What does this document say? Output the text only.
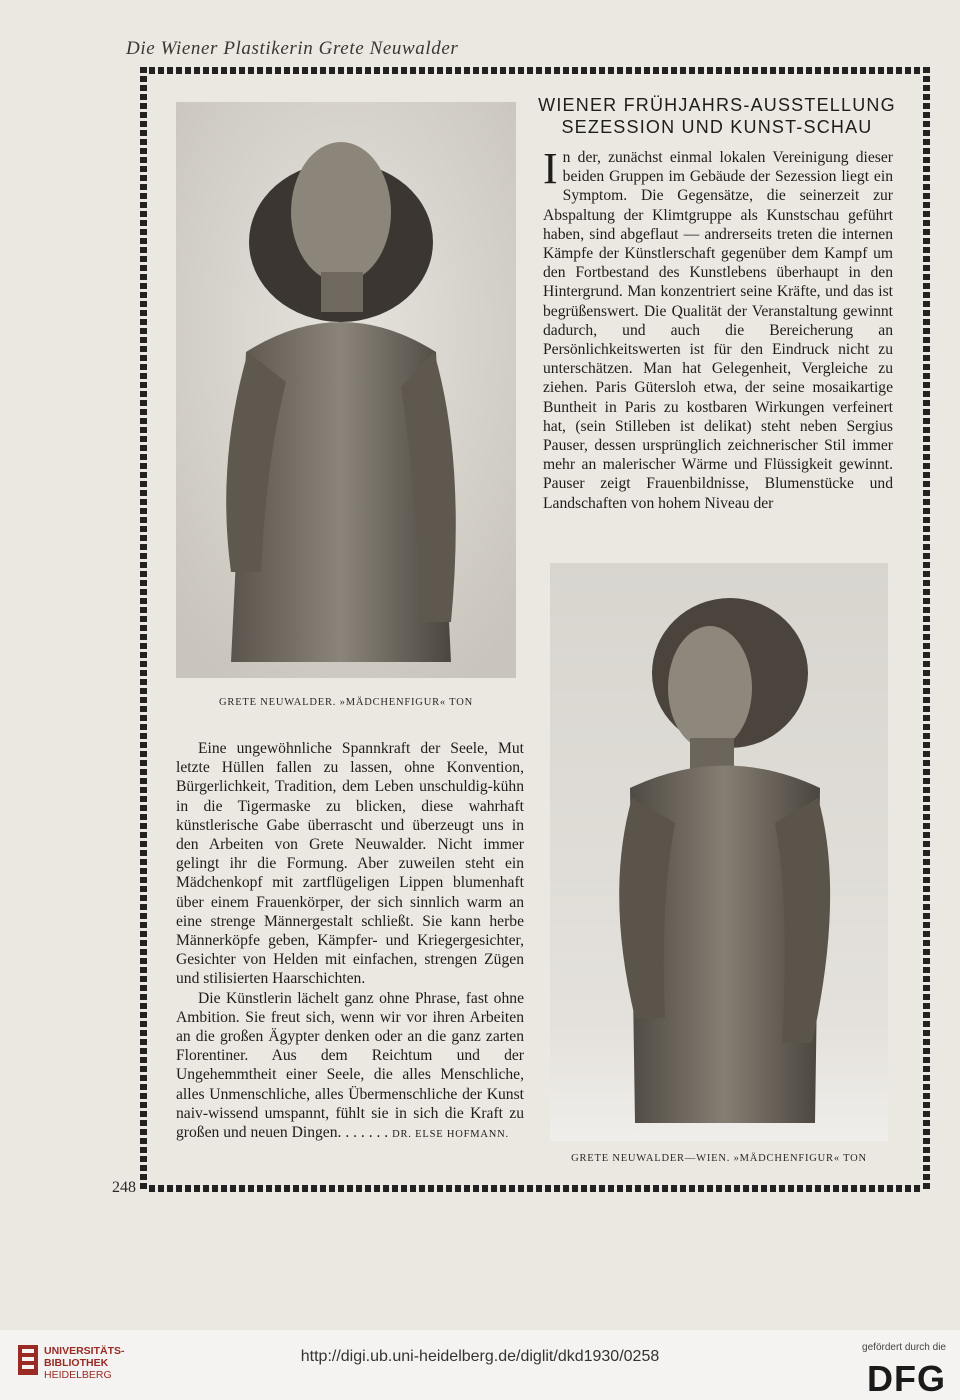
Die Wiener Plastikerin Grete Neuwalder
GRETE NEUWALDER. »MÄDCHENFIGUR« TON
WIENER FRÜHJAHRS-AUSSTELLUNG
SEZESSION UND KUNST-SCHAU

In der, zunächst einmal lokalen Vereinigung dieser beiden Gruppen im Gebäude der Sezession liegt ein Symptom. Die Gegensätze, die seinerzeit zur Abspaltung der Klimtgruppe als Kunstschau geführt haben, sind abgeflaut — andrerseits treten die internen Kämpfe der Künstlerschaft gegenüber dem Kampf um den Fortbestand des Kunstlebens überhaupt in den Hintergrund. Man konzentriert seine Kräfte, und das ist begrüßenswert. Die Qualität der Veranstaltung gewinnt dadurch, und auch die Bereicherung an Persönlichkeitswerten ist für den Eindruck nicht zu unterschätzen. Man hat Gelegenheit, Vergleiche zu ziehen. Paris Gütersloh etwa, der seine mosaikartige Buntheit in Paris zu kostbaren Wirkungen verfeinert hat, (sein Stilleben ist delikat) steht neben Sergius Pauser, dessen ursprünglich zeichnerischer Stil immer mehr an malerischer Wärme und Flüssigkeit gewinnt. Pauser zeigt Frauenbildnisse, Blumenstücke und Landschaften von hohem Niveau der

GRETE NEUWALDER—WIEN. »MÄDCHENFIGUR« TON

Eine ungewöhnliche Spannkraft der Seele, Mut letzte Hüllen fallen zu lassen, ohne Konvention, Bürgerlichkeit, Tradition, dem Leben unschuldig-kühn in die Tigermaske zu blicken, diese wahrhaft künstlerische Gabe überrascht und überzeugt uns in den Arbeiten von Grete Neuwalder. Nicht immer gelingt ihr die Formung. Aber zuweilen steht ein Mädchenkopf mit zartflügeligen Lippen blumenhaft über einem Frauenkörper, der sich sinnlich warm an eine strenge Männergestalt schließt. Sie kann herbe Männerköpfe geben, Kämpfer- und Kriegergesichter, Gesichter von Helden mit einfachen, strengen Zügen und stilisierten Haarschichten.

Die Künstlerin lächelt ganz ohne Phrase, fast ohne Ambition. Sie freut sich, wenn wir vor ihren Arbeiten an die großen Ägypter denken oder an die ganz zarten Florentiner. Aus dem Reichtum und der Ungehemmtheit einer Seele, die alles Menschliche, alles Unmenschliche, alles Übermenschliche der Kunst naiv-wissend umspannt, fühlt sie in sich die Kraft zu großen und neuen Dingen. . . . . . . DR. ELSE HOFMANN.

248
UNIVERSITÄTS-
BIBLIOTHEK
HEIDELBERG
http://digi.ub.uni-heidelberg.de/diglit/dkd1930/0258
gefördert durch die
DFG
